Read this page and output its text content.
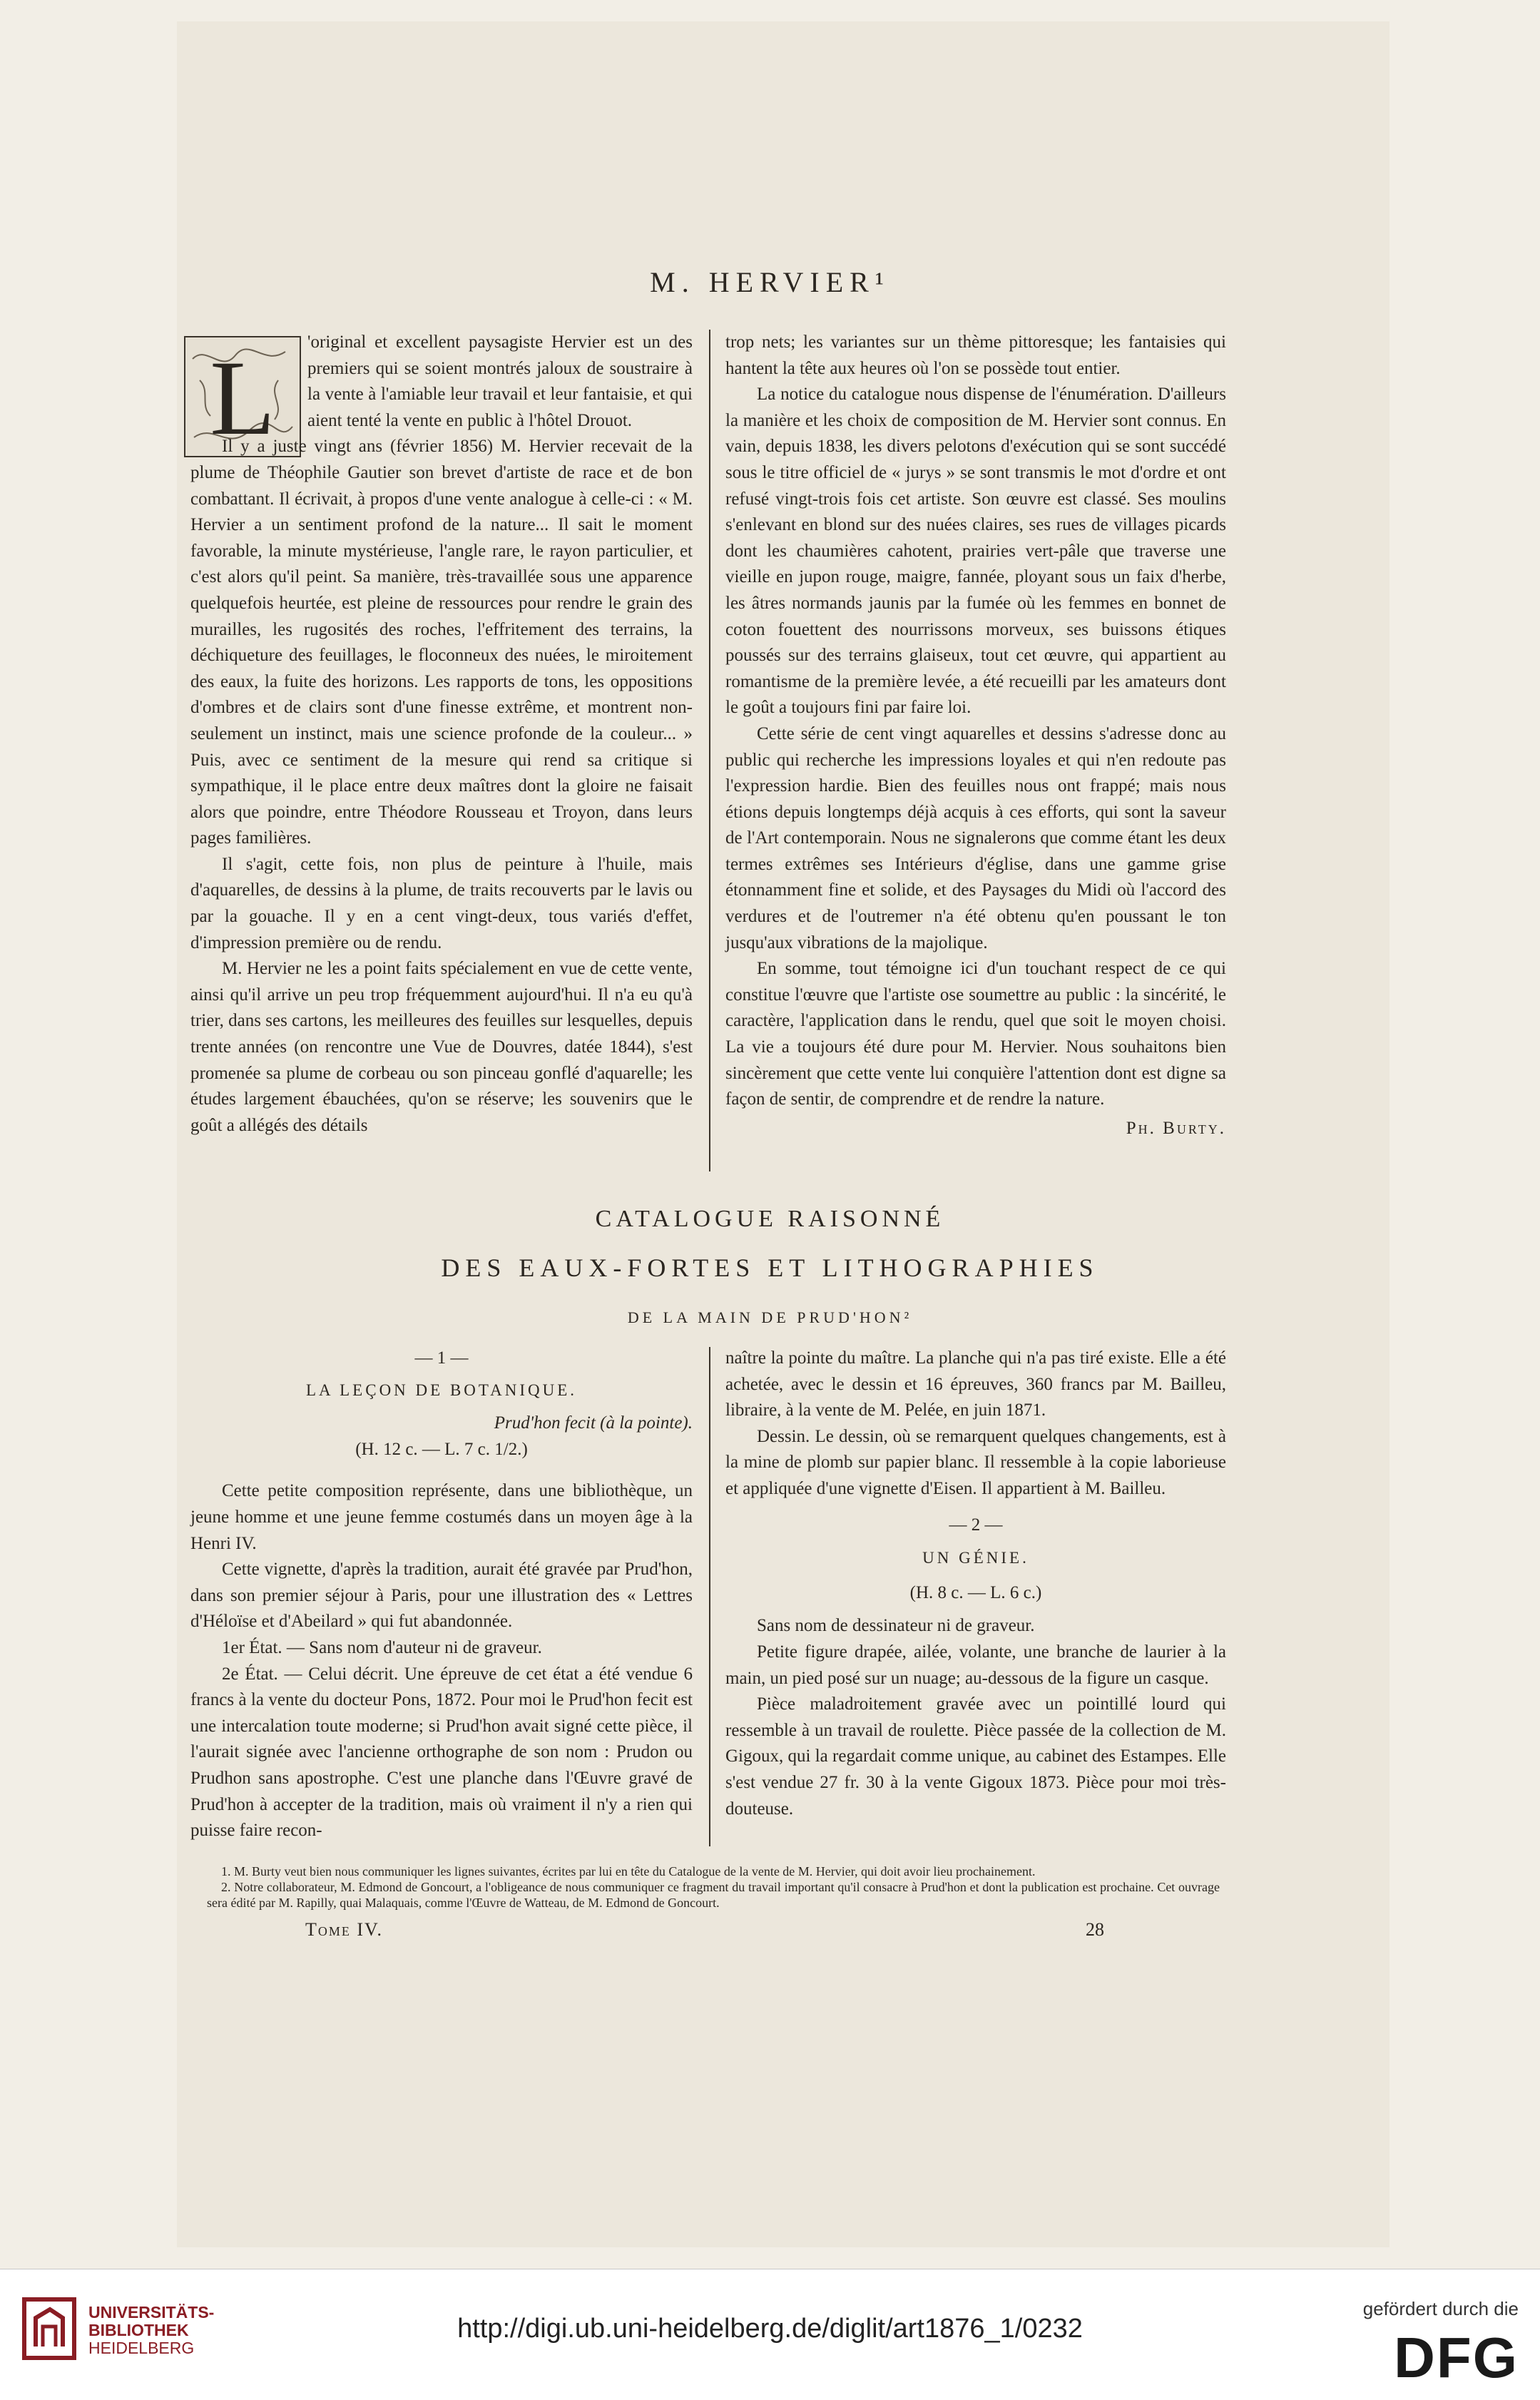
M. HERVIER¹
L	'original et excellent paysagiste Hervier est un des premiers qui se soient montrés jaloux de soustraire à la vente à l'amiable leur travail et leur fantaisie, et qui aient tenté la vente en public à l'hôtel Drouot.

Il y a juste vingt ans (février 1856) M. Hervier recevait de la plume de Théophile Gautier son brevet d'artiste de race et de bon combattant. Il écrivait, à propos d'une vente analogue à celle-ci : « M. Hervier a un sentiment profond de la nature... Il sait le moment favorable, la minute mystérieuse, l'angle rare, le rayon particulier, et c'est alors qu'il peint. Sa manière, très-travaillée sous une apparence quelquefois heurtée, est pleine de ressources pour rendre le grain des murailles, les rugosités des roches, l'effritement des terrains, la déchiqueture des feuillages, le floconneux des nuées, le miroitement des eaux, la fuite des horizons. Les rapports de tons, les oppositions d'ombres et de clairs sont d'une finesse extrême, et montrent non-seulement un instinct, mais une science profonde de la couleur... » Puis, avec ce sentiment de la mesure qui rend sa critique si sympathique, il le place entre deux maîtres dont la gloire ne faisait alors que poindre, entre Théodore Rousseau et Troyon, dans leurs pages familières.

Il s'agit, cette fois, non plus de peinture à l'huile, mais d'aquarelles, de dessins à la plume, de traits recouverts par le lavis ou par la gouache. Il y en a cent vingt-deux, tous variés d'effet, d'impression première ou de rendu.

M. Hervier ne les a point faits spécialement en vue de cette vente, ainsi qu'il arrive un peu trop fréquemment aujourd'hui. Il n'a eu qu'à trier, dans ses cartons, les meilleures des feuilles sur lesquelles, depuis trente années (on rencontre une Vue de Douvres, datée 1844), s'est promenée sa plume de corbeau ou son pinceau gonflé d'aquarelle; les études largement ébauchées, qu'on se réserve; les souvenirs que le goût a allégés des détails

trop nets; les variantes sur un thème pittoresque; les fantaisies qui hantent la tête aux heures où l'on se possède tout entier.

La notice du catalogue nous dispense de l'énumération. D'ailleurs la manière et les choix de composition de M. Hervier sont connus. En vain, depuis 1838, les divers pelotons d'exécution qui se sont succédé sous le titre officiel de « jurys » se sont transmis le mot d'ordre et ont refusé vingt-trois fois cet artiste. Son œuvre est classé. Ses moulins s'enlevant en blond sur des nuées claires, ses rues de villages picards dont les chaumières cahotent, prairies vert-pâle que traverse une vieille en jupon rouge, maigre, fannée, ployant sous un faix d'herbe, les âtres normands jaunis par la fumée où les femmes en bonnet de coton fouettent des nourrissons morveux, ses buissons étiques poussés sur des terrains glaiseux, tout cet œuvre, qui appartient au romantisme de la première levée, a été recueilli par les amateurs dont le goût a toujours fini par faire loi.

Cette série de cent vingt aquarelles et dessins s'adresse donc au public qui recherche les impressions loyales et qui n'en redoute pas l'expression hardie. Bien des feuilles nous ont frappé; mais nous étions depuis longtemps déjà acquis à ces efforts, qui sont la saveur de l'Art contemporain. Nous ne signalerons que comme étant les deux termes extrêmes ses Intérieurs d'église, dans une gamme grise étonnamment fine et solide, et des Paysages du Midi où l'accord des verdures et de l'outremer n'a été obtenu qu'en poussant le ton jusqu'aux vibrations de la majolique.

En somme, tout témoigne ici d'un touchant respect de ce qui constitue l'œuvre que l'artiste ose soumettre au public : la sincérité, le caractère, l'application dans le rendu, quel que soit le moyen choisi. La vie a toujours été dure pour M. Hervier. Nous souhaitons bien sincèrement que cette vente lui conquière l'attention dont est digne sa façon de sentir, de comprendre et de rendre la nature.

Ph. Burty.
CATALOGUE RAISONNÉ
DES EAUX-FORTES ET LITHOGRAPHIES
DE LA MAIN DE PRUD'HON²
— 1 —
LA LEÇON DE BOTANIQUE.
Prud'hon fecit (à la pointe).
(H. 12 c. — L. 7 c. 1/2.)

Cette petite composition représente, dans une bibliothèque, un jeune homme et une jeune femme costumés dans un moyen âge à la Henri IV.

Cette vignette, d'après la tradition, aurait été gravée par Prud'hon, dans son premier séjour à Paris, pour une illustration des « Lettres d'Héloïse et d'Abeilard » qui fut abandonnée.

1er État. — Sans nom d'auteur ni de graveur.

2e État. — Celui décrit. Une épreuve de cet état a été vendue 6 francs à la vente du docteur Pons, 1872. Pour moi le Prud'hon fecit est une intercalation toute moderne; si Prud'hon avait signé cette pièce, il l'aurait signée avec l'ancienne orthographe de son nom : Prudon ou Prudhon sans apostrophe. C'est une planche dans l'Œuvre gravé de Prud'hon à accepter de la tradition, mais où vraiment il n'y a rien qui puisse faire recon-

naître la pointe du maître. La planche qui n'a pas tiré existe. Elle a été achetée, avec le dessin et 16 épreuves, 360 francs par M. Bailleu, libraire, à la vente de M. Pelée, en juin 1871.

Dessin. Le dessin, où se remarquent quelques changements, est à la mine de plomb sur papier blanc. Il ressemble à la copie laborieuse et appliquée d'une vignette d'Eisen. Il appartient à M. Bailleu.

— 2 —
UN GÉNIE.
(H. 8 c. — L. 6 c.)

Sans nom de dessinateur ni de graveur.

Petite figure drapée, ailée, volante, une branche de laurier à la main, un pied posé sur un nuage; au-dessous de la figure un casque.

Pièce maladroitement gravée avec un pointillé lourd qui ressemble à un travail de roulette. Pièce passée de la collection de M. Gigoux, qui la regardait comme unique, au cabinet des Estampes. Elle s'est vendue 27 fr. 30 à la vente Gigoux 1873. Pièce pour moi très-douteuse.

1. M. Burty veut bien nous communiquer les lignes suivantes, écrites par lui en tête du Catalogue de la vente de M. Hervier, qui doit avoir lieu prochainement.
2. Notre collaborateur, M. Edmond de Goncourt, a l'obligeance de nous communiquer ce fragment du travail important qu'il consacre à Prud'hon et dont la publication est prochaine. Cet ouvrage sera édité par M. Rapilly, quai Malaquais, comme l'Œuvre de Watteau, de M. Edmond de Goncourt.
Tome IV.	28
UNIVERSITÄTS-
BIBLIOTHEK
HEIDELBERG
http://digi.ub.uni-heidelberg.de/diglit/art1876_1/0232
gefördert durch die
DFG
